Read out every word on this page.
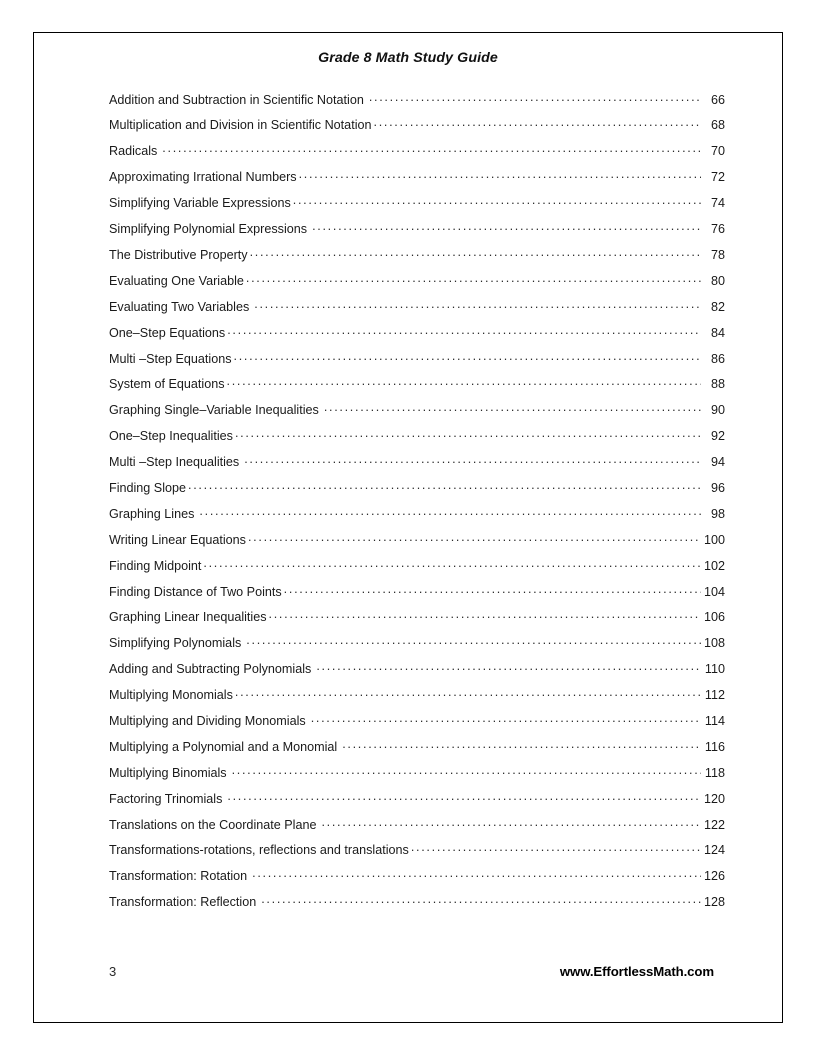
Grade 8 Math Study Guide
Addition and Subtraction in Scientific Notation . . .	66
Multiplication and Division in Scientific Notation . . .	68
Radicals . . .	70
Approximating Irrational Numbers . . .	72
Simplifying Variable Expressions . . .	74
Simplifying Polynomial Expressions . . .	76
The Distributive Property . . .	78
Evaluating One Variable . . .	80
Evaluating Two Variables . . .	82
One–Step Equations . . .	84
Multi –Step Equations . . .	86
System of Equations . . .	88
Graphing Single–Variable Inequalities . . .	90
One–Step Inequalities . . .	92
Multi –Step Inequalities . . .	94
Finding Slope . . .	96
Graphing Lines . . .	98
Writing Linear Equations . . .	100
Finding Midpoint . . .	102
Finding Distance of Two Points . . .	104
Graphing Linear Inequalities . . .	106
Simplifying Polynomials . . .	108
Adding and Subtracting Polynomials . . .	110
Multiplying Monomials . . .	112
Multiplying and Dividing Monomials . . .	114
Multiplying a Polynomial and a Monomial . . .	116
Multiplying Binomials . . .	118
Factoring Trinomials . . .	120
Translations on the Coordinate Plane . . .	122
Transformations-rotations, reflections and translations . . .	124
Transformation: Rotation . . .	126
Transformation: Reflection . . .	128
3	www.EffortlessMath.com
